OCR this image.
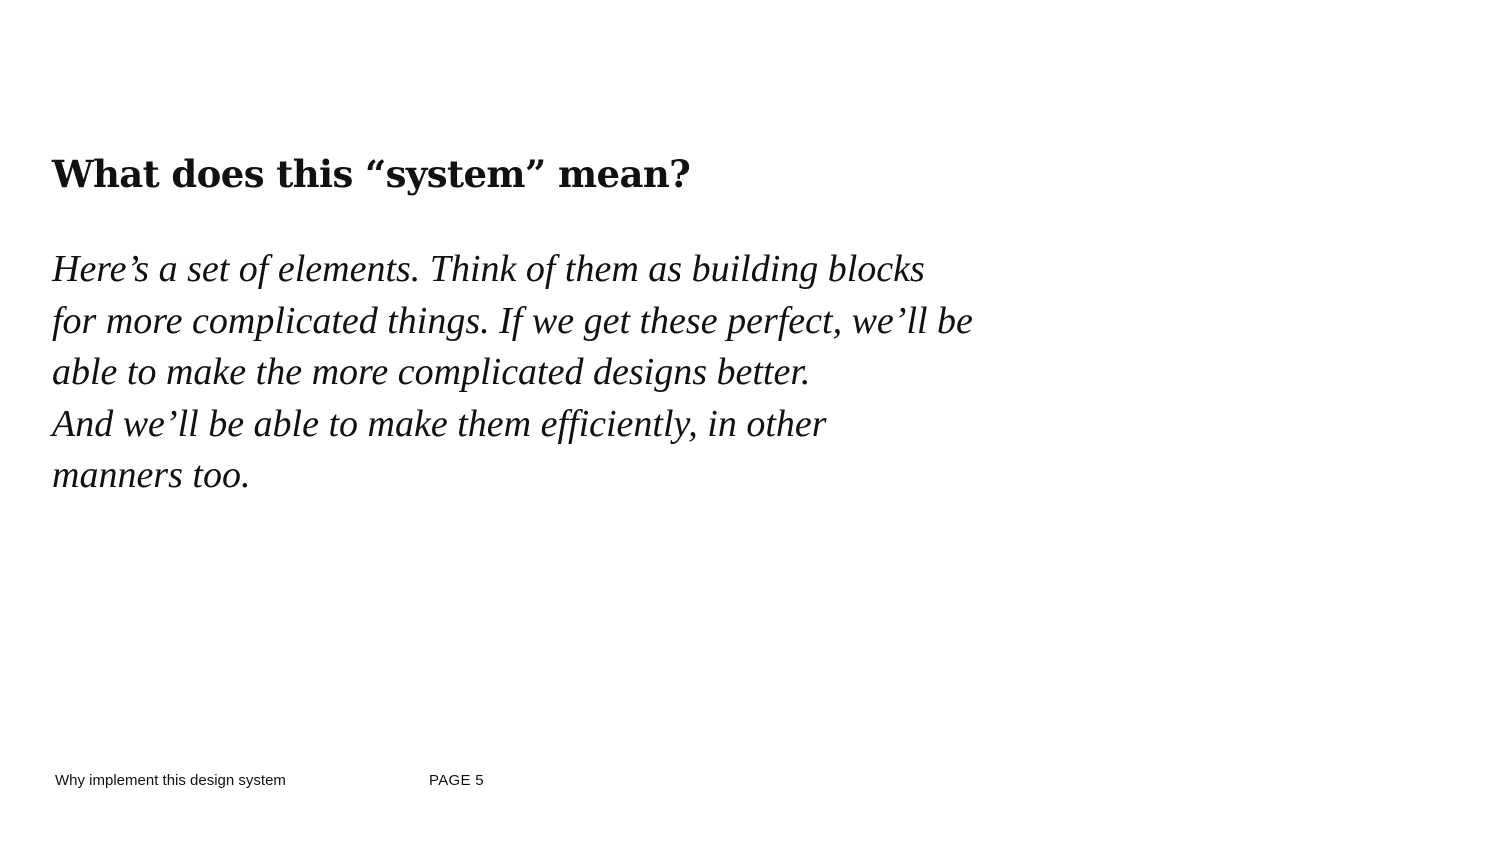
What does this “system” mean?

Here’s a set of elements. Think of them as building blocks
for more complicated things. If we get these perfect, we’ll be
able to make the more complicated designs better.
And we’ll be able to make them efficiently, in other
manners too.

Why implement this design system	PAGE 5
